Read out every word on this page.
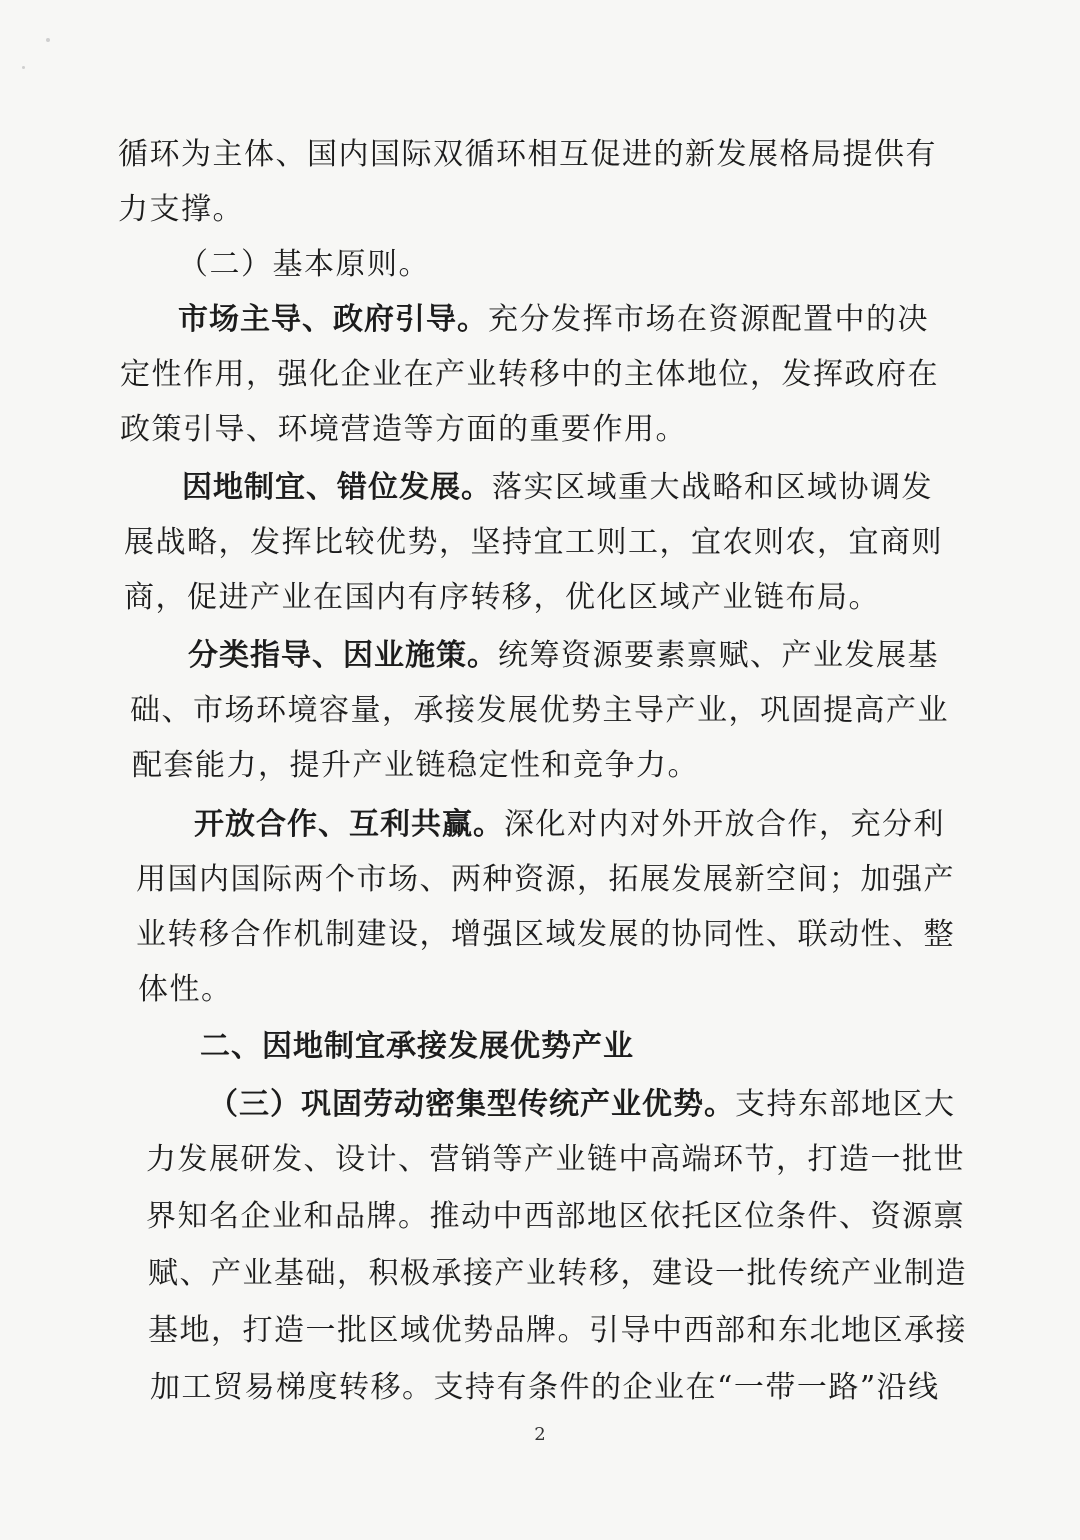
循环为主体、国内国际双循环相互促进的新发展格局提供有
力支撑。
（二）基本原则。
市场主导、政府引导。充分发挥市场在资源配置中的决
定性作用，强化企业在产业转移中的主体地位，发挥政府在
政策引导、环境营造等方面的重要作用。
因地制宜、错位发展。落实区域重大战略和区域协调发
展战略，发挥比较优势，坚持宜工则工，宜农则农，宜商则
商，促进产业在国内有序转移，优化区域产业链布局。
分类指导、因业施策。统筹资源要素禀赋、产业发展基
础、市场环境容量，承接发展优势主导产业，巩固提高产业
配套能力，提升产业链稳定性和竞争力。
开放合作、互利共赢。深化对内对外开放合作，充分利
用国内国际两个市场、两种资源，拓展发展新空间；加强产
业转移合作机制建设，增强区域发展的协同性、联动性、整
体性。
二、因地制宜承接发展优势产业
（三）巩固劳动密集型传统产业优势。支持东部地区大
力发展研发、设计、营销等产业链中高端环节，打造一批世
界知名企业和品牌。推动中西部地区依托区位条件、资源禀
赋、产业基础，积极承接产业转移，建设一批传统产业制造
基地，打造一批区域优势品牌。引导中西部和东北地区承接
加工贸易梯度转移。支持有条件的企业在“一带一路”沿线
2
